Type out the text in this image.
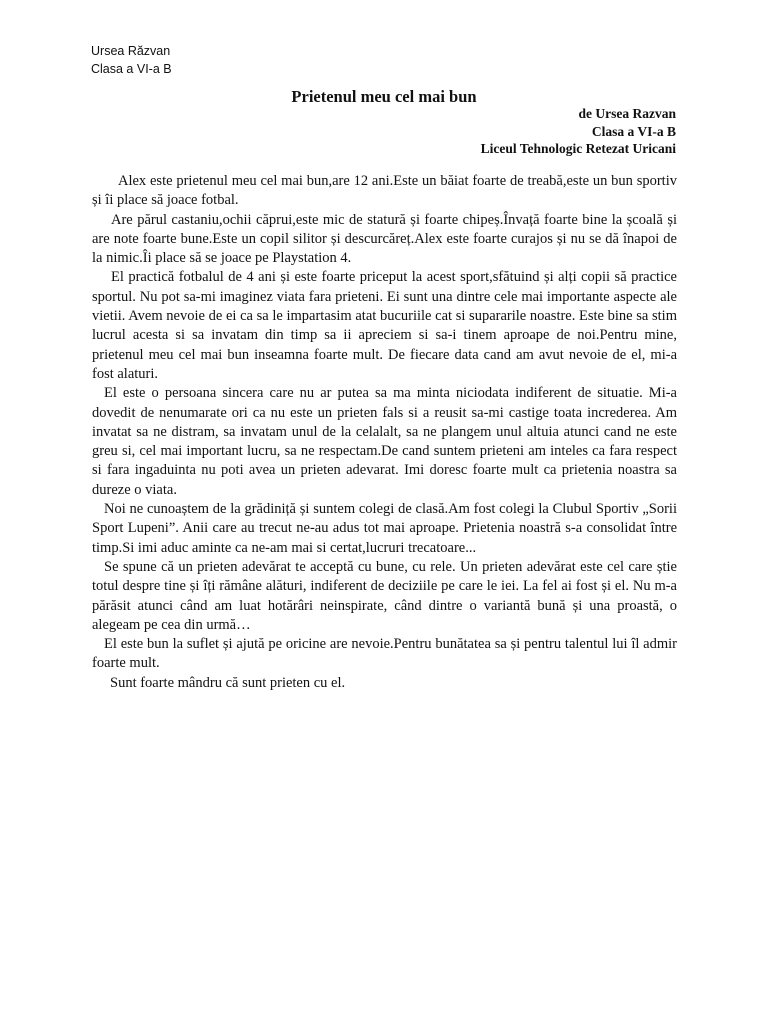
Ursea Răzvan
Clasa a VI-a B
Prietenul meu cel mai bun
de Ursea Razvan
Clasa a VI-a B
Liceul Tehnologic Retezat Uricani

Alex este prietenul meu cel mai bun,are 12 ani.Este un băiat foarte de treabă,este un bun sportiv și îi place să joace fotbal.

Are părul castaniu,ochii căprui,este mic de statură și foarte chipeș.Învață foarte bine la școală și are note foarte bune.Este un copil silitor și descurcăreț.Alex este foarte curajos și nu se dă înapoi de la nimic.Îi place să se joace pe Playstation 4.

El practică fotbalul de 4 ani și este foarte priceput la acest sport,sfătuind și alți copii să practice sportul. Nu pot sa-mi imaginez viata fara prieteni. Ei sunt una dintre cele mai importante aspecte ale vietii. Avem nevoie de ei ca sa le impartasim atat bucuriile cat si supararile noastre. Este bine sa stim lucrul acesta si sa invatam din timp sa ii apreciem si sa-i tinem aproape de noi.Pentru mine, prietenul meu cel mai bun inseamna foarte mult. De fiecare data cand am avut nevoie de el, mi-a fost alaturi.

El este o persoana sincera care nu ar putea sa ma minta niciodata indiferent de situatie. Mi-a dovedit de nenumarate ori ca nu este un prieten fals si a reusit sa-mi castige toata increderea. Am invatat sa ne distram, sa invatam unul de la celalalt, sa ne plangem unul altuia atunci cand ne este greu si, cel mai important lucru, sa ne respectam.De cand suntem prieteni am inteles ca fara respect si fara ingaduinta nu poti avea un prieten adevarat. Imi doresc foarte mult ca prietenia noastra sa dureze o viata.

Noi ne cunoaștem de la grădiniță și suntem colegi de clasă.Am fost colegi la Clubul Sportiv „Sorii Sport Lupeni”. Anii care au trecut ne-au adus tot mai aproape. Prietenia noastră s-a consolidat între timp.Si imi aduc aminte ca ne-am mai si certat,lucruri trecatoare...

Se spune că un prieten adevărat te acceptă cu bune, cu rele. Un prieten adevărat este cel care știe totul despre tine și îți rămâne alături, indiferent de deciziile pe care le iei. La fel ai fost și el. Nu m-a părăsit atunci când am luat hotărâri neinspirate, când dintre o variantă bună și una proastă, o alegeam pe cea din urmă…

El este bun la suflet și ajută pe oricine are nevoie.Pentru bunătatea sa și pentru talentul lui îl admir foarte mult.

Sunt foarte mândru că sunt prieten cu el.
